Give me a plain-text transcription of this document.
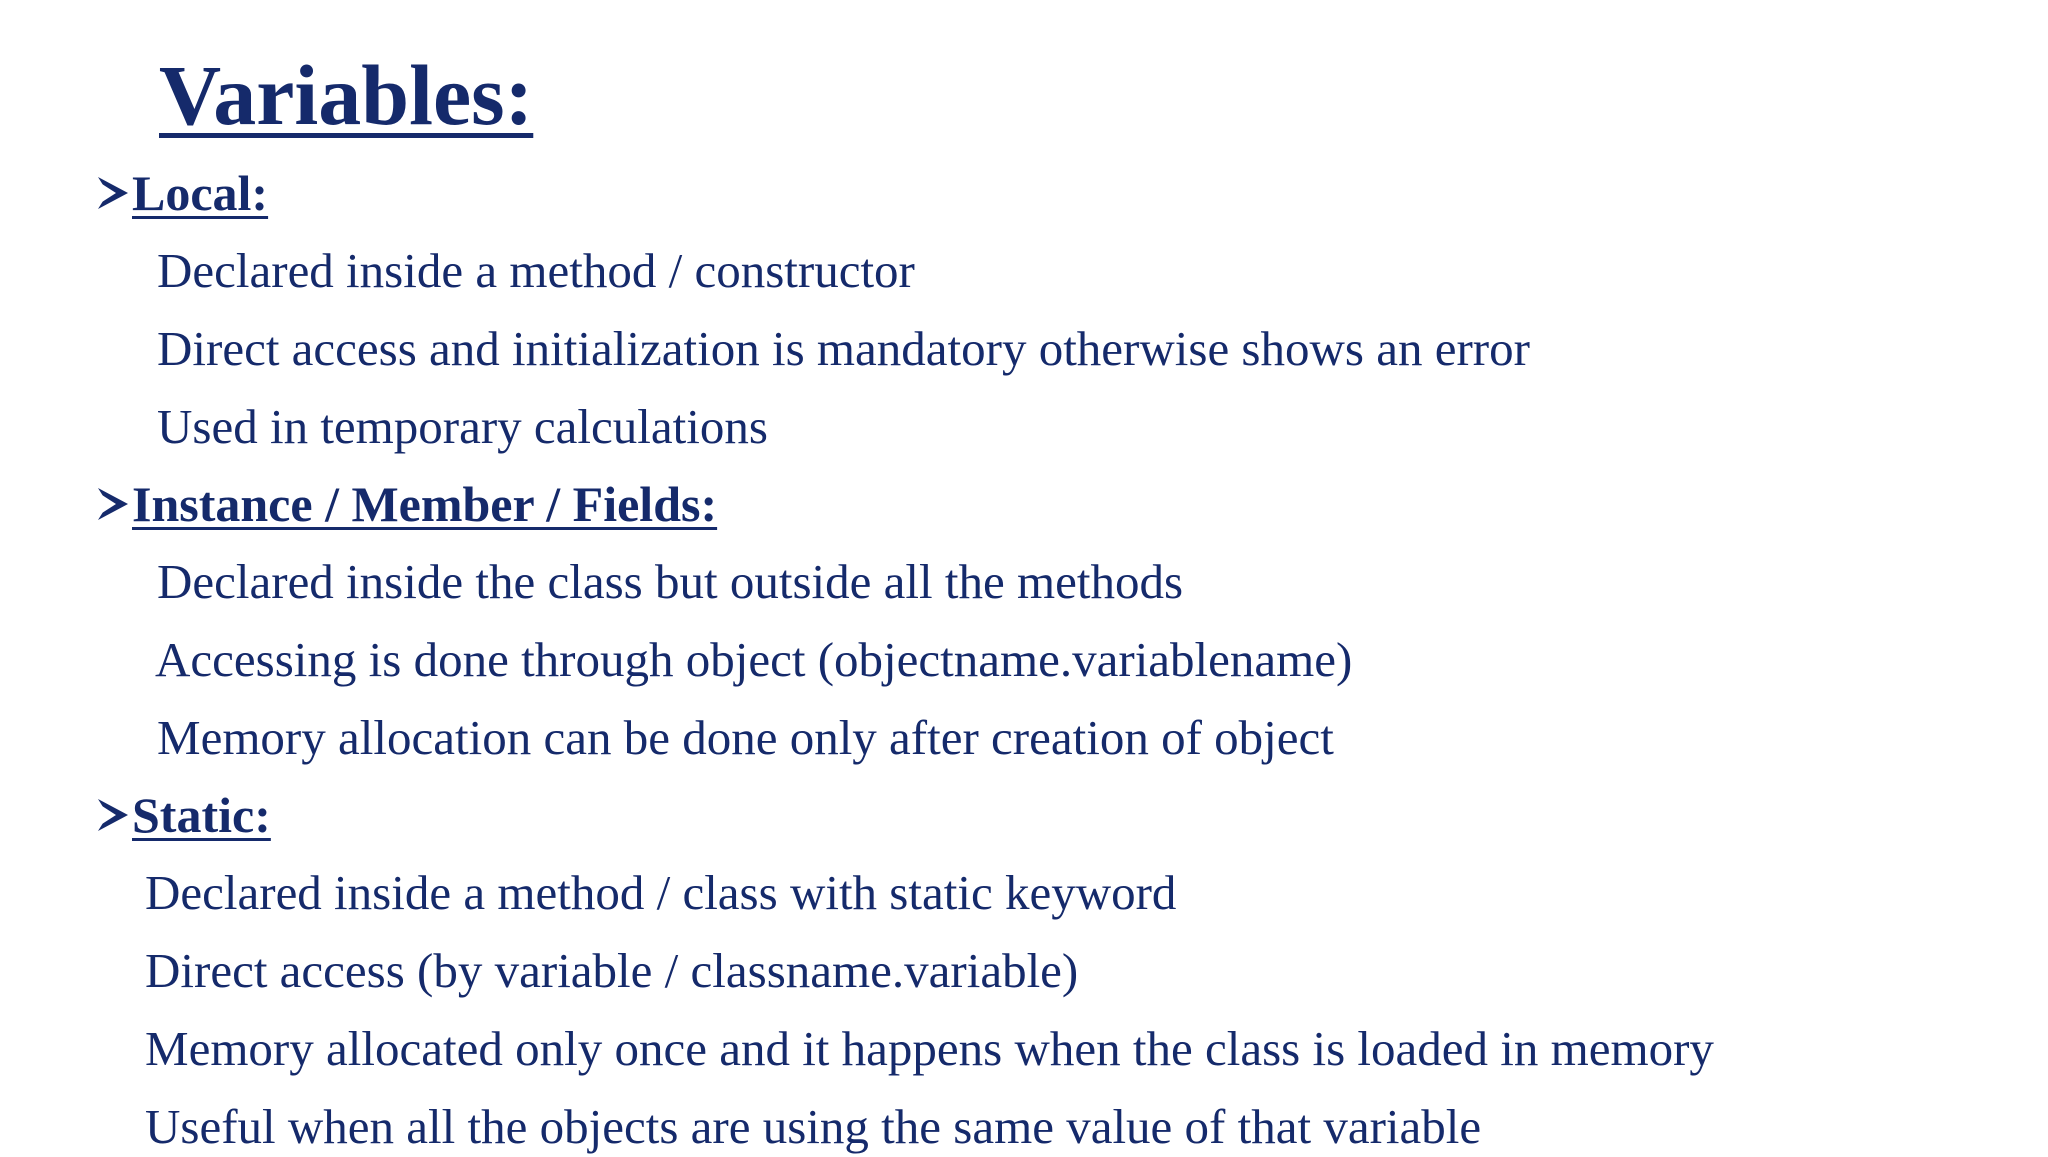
Variables:
Local:

Declared inside a method / constructor

Direct access and initialization is mandatory otherwise shows an error

Used in temporary calculations

Instance / Member / Fields:

Declared inside the class but outside all the methods

Accessing is done through object (objectname.variablename)

Memory allocation can be done only after creation of object

Static:

Declared inside a method / class with static keyword

Direct access (by variable / classname.variable)

Memory allocated only once and it happens when the class is loaded in memory

Useful when all the objects are using the same value of that variable
